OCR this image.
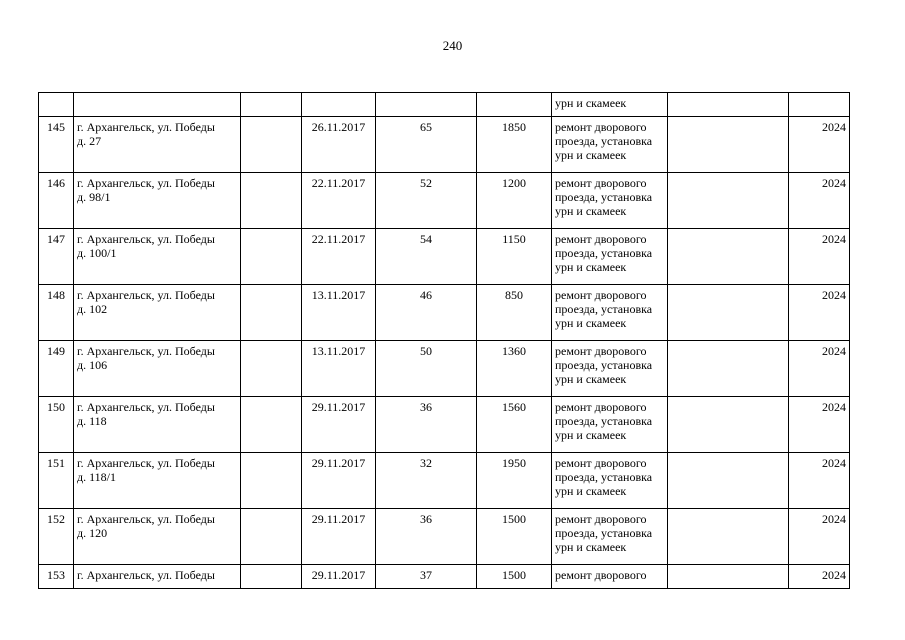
240

						урн и скамеек		

145	г. Архангельск, ул. Победы
д. 27		26.11.2017	65	1850	ремонт дворового
проезда, установка
урн и скамеек		2024
146	г. Архангельск, ул. Победы
д. 98/1		22.11.2017	52	1200	ремонт дворового
проезда, установка
урн и скамеек		2024
147	г. Архангельск, ул. Победы
д. 100/1		22.11.2017	54	1150	ремонт дворового
проезда, установка
урн и скамеек		2024
148	г. Архангельск, ул. Победы
д. 102		13.11.2017	46	850	ремонт дворового
проезда, установка
урн и скамеек		2024
149	г. Архангельск, ул. Победы
д. 106		13.11.2017	50	1360	ремонт дворового
проезда, установка
урн и скамеек		2024
150	г. Архангельск, ул. Победы
д. 118		29.11.2017	36	1560	ремонт дворового
проезда, установка
урн и скамеек		2024
151	г. Архангельск, ул. Победы
д. 118/1		29.11.2017	32	1950	ремонт дворового
проезда, установка
урн и скамеек		2024
152	г. Архангельск, ул. Победы
д. 120		29.11.2017	36	1500	ремонт дворового
проезда, установка
урн и скамеек		2024
153	г. Архангельск, ул. Победы		29.11.2017	37	1500	ремонт дворового		2024
